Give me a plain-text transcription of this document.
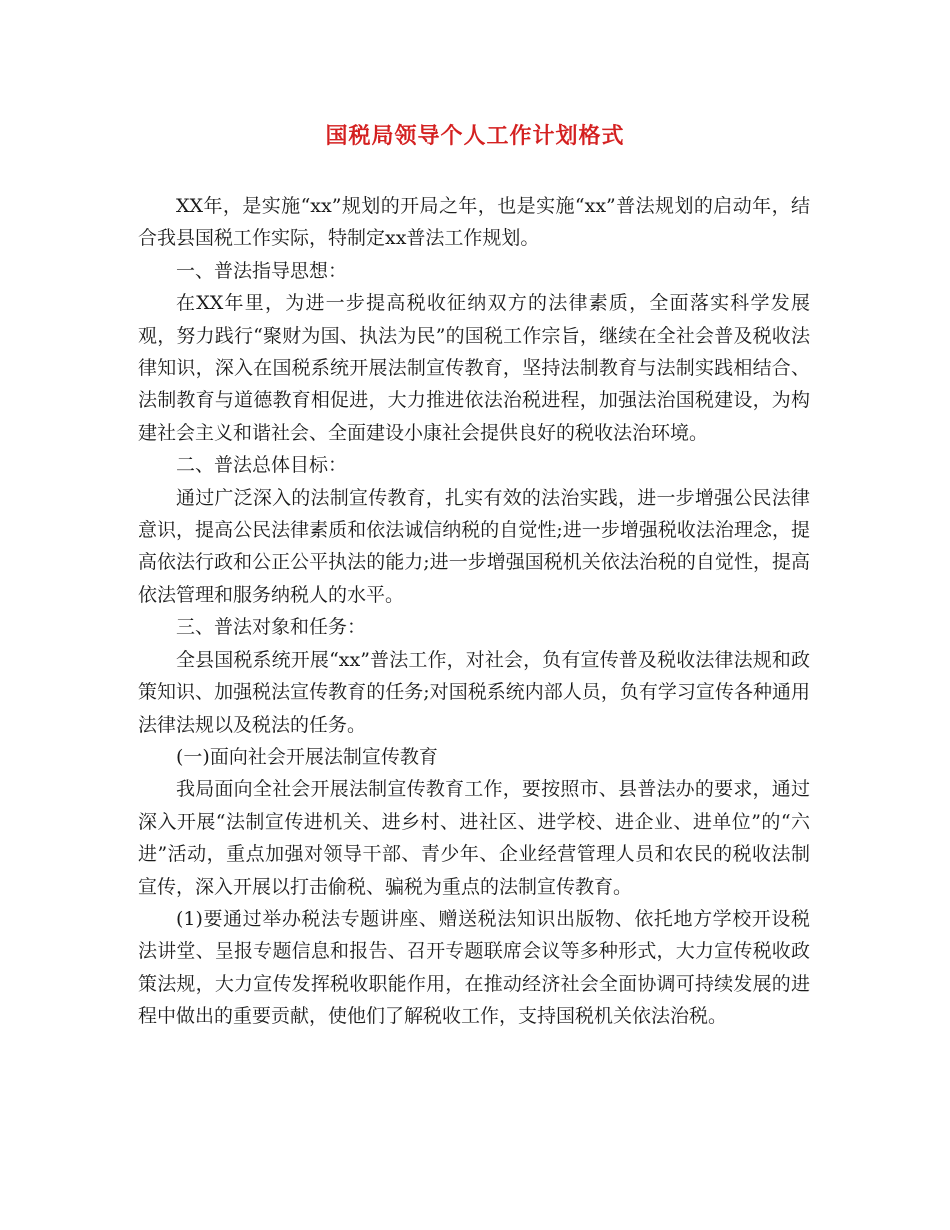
国税局领导个人工作计划格式

XX年，是实施“xx”规划的开局之年，也是实施“xx”普法规划的启动年，结合我县国税工作实际，特制定xx普法工作规划。

一、普法指导思想：

在XX年里，为进一步提高税收征纳双方的法律素质，全面落实科学发展观，努力践行“聚财为国、执法为民”的国税工作宗旨，继续在全社会普及税收法律知识，深入在国税系统开展法制宣传教育，坚持法制教育与法制实践相结合、法制教育与道德教育相促进，大力推进依法治税进程，加强法治国税建设，为构建社会主义和谐社会、全面建设小康社会提供良好的税收法治环境。

二、普法总体目标：

通过广泛深入的法制宣传教育，扎实有效的法治实践，进一步增强公民法律意识，提高公民法律素质和依法诚信纳税的自觉性;进一步增强税收法治理念，提高依法行政和公正公平执法的能力;进一步增强国税机关依法治税的自觉性，提高依法管理和服务纳税人的水平。

三、普法对象和任务：

全县国税系统开展“xx”普法工作，对社会，负有宣传普及税收法律法规和政策知识、加强税法宣传教育的任务;对国税系统内部人员，负有学习宣传各种通用法律法规以及税法的任务。

(一)面向社会开展法制宣传教育

我局面向全社会开展法制宣传教育工作，要按照市、县普法办的要求，通过深入开展“法制宣传进机关、进乡村、进社区、进学校、进企业、进单位”的“六进”活动，重点加强对领导干部、青少年、企业经营管理人员和农民的税收法制宣传，深入开展以打击偷税、骗税为重点的法制宣传教育。

(1)要通过举办税法专题讲座、赠送税法知识出版物、依托地方学校开设税法讲堂、呈报专题信息和报告、召开专题联席会议等多种形式，大力宣传税收政策法规，大力宣传发挥税收职能作用，在推动经济社会全面协调可持续发展的进程中做出的重要贡献，使他们了解税收工作，支持国税机关依法治税。
